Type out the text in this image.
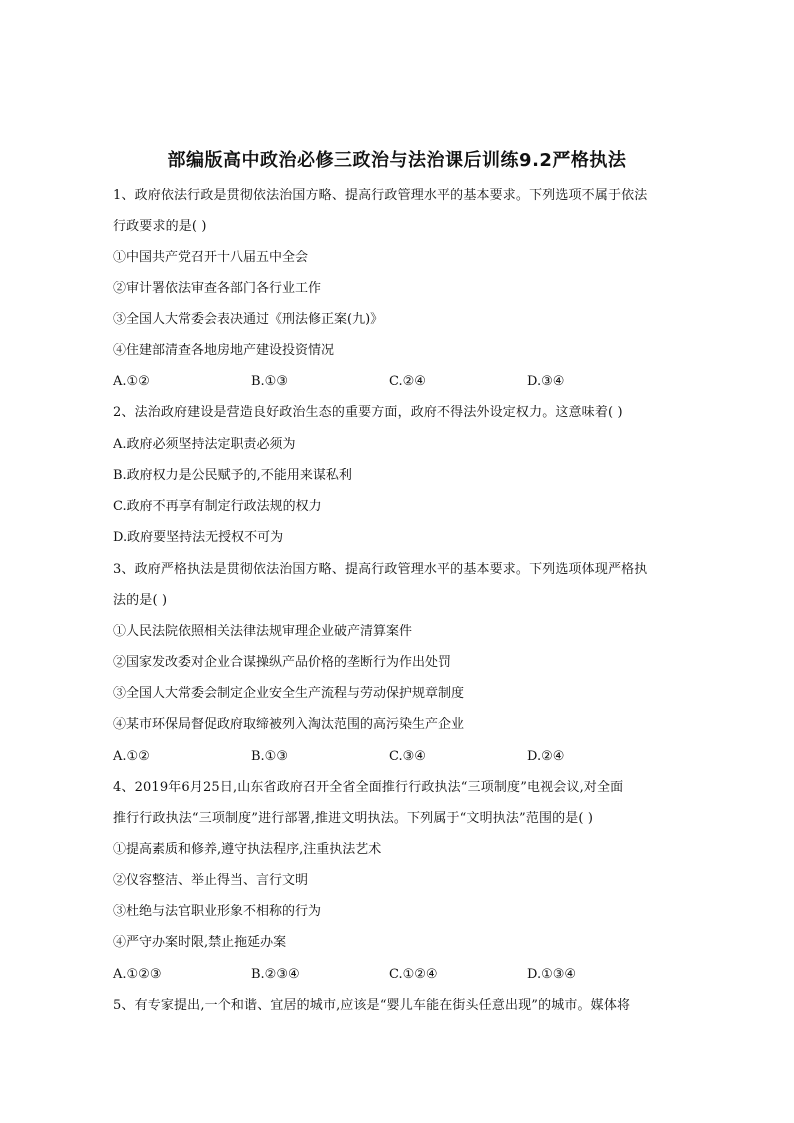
部编版高中政治必修三政治与法治课后训练9.2严格执法
1、政府依法行政是贯彻依法治国方略、提高行政管理水平的基本要求。下列选项不属于依法
行政要求的是( )
①中国共产党召开十八届五中全会
②审计署依法审查各部门各行业工作
③全国人大常委会表决通过《刑法修正案(九)》
④住建部清查各地房地产建设投资情况
A.①②	B.①③	C.②④	D.③④
2、法治政府建设是营造良好政治生态的重要方面，政府不得法外设定权力。这意味着( )
A.政府必须坚持法定职责必须为
B.政府权力是公民赋予的,不能用来谋私利
C.政府不再享有制定行政法规的权力
D.政府要坚持法无授权不可为
3、政府严格执法是贯彻依法治国方略、提高行政管理水平的基本要求。下列选项体现严格执
法的是( )
①人民法院依照相关法律法规审理企业破产清算案件
②国家发改委对企业合谋操纵产品价格的垄断行为作出处罚
③全国人大常委会制定企业安全生产流程与劳动保护规章制度
④某市环保局督促政府取缔被列入淘汰范围的高污染生产企业
A.①②	B.①③	C.③④	D.②④
4、2019年6月25日,山东省政府召开全省全面推行行政执法“三项制度”电视会议,对全面
推行行政执法“三项制度”进行部署,推进文明执法。下列属于“文明执法”范围的是( )
①提高素质和修养,遵守执法程序,注重执法艺术
②仪容整洁、举止得当、言行文明
③杜绝与法官职业形象不相称的行为
④严守办案时限,禁止拖延办案
A.①②③	B.②③④	C.①②④	D.①③④
5、有专家提出,一个和谐、宜居的城市,应该是“婴儿车能在街头任意出现”的城市。媒体将
